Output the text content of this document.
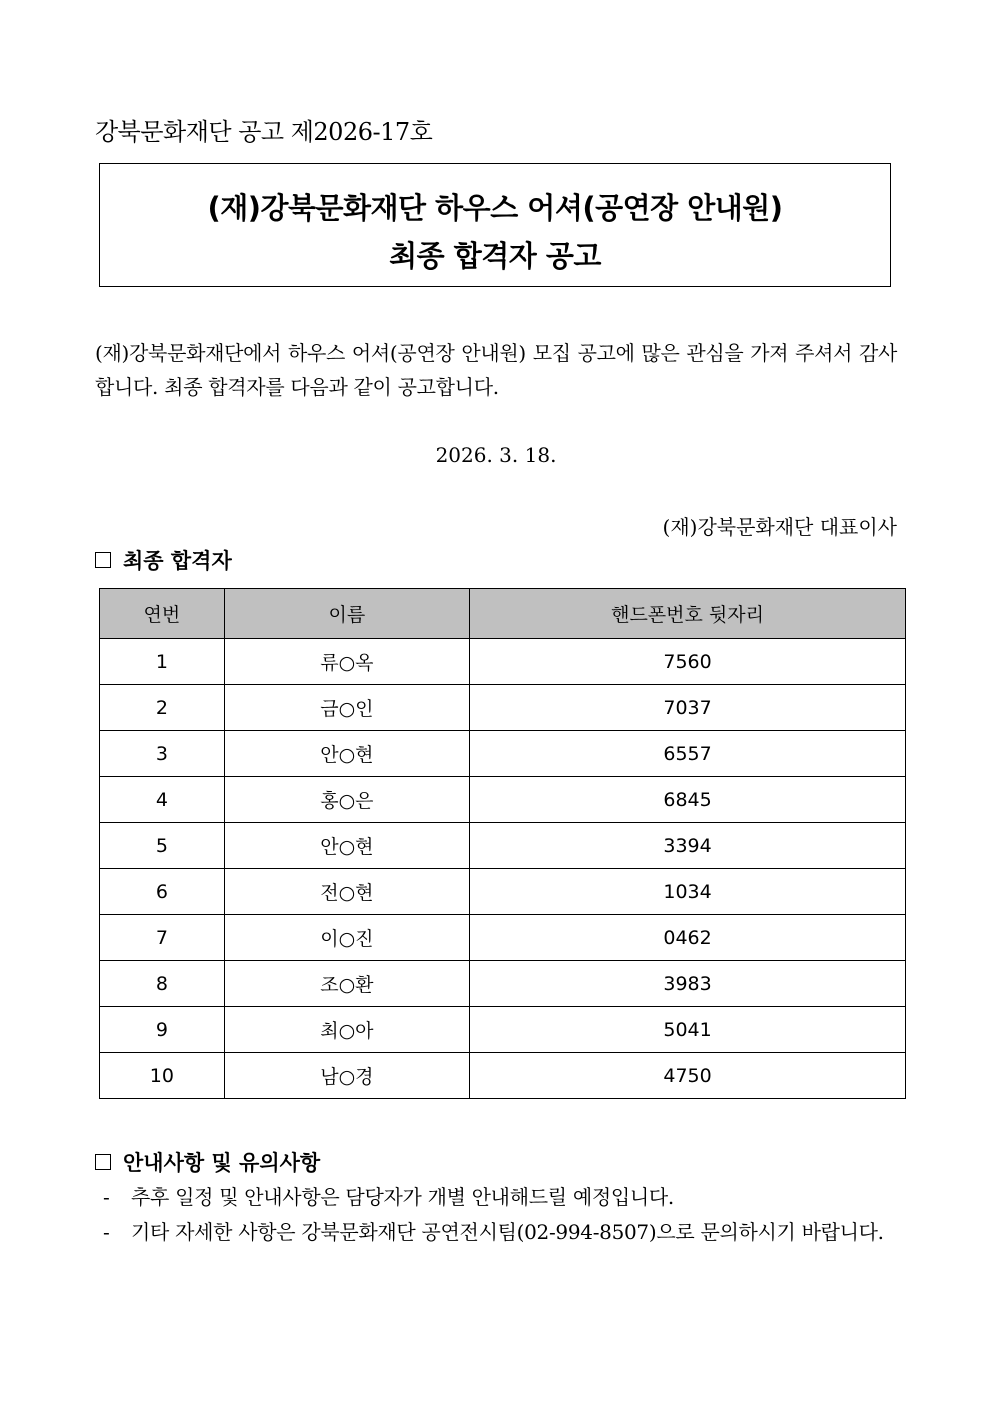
강북문화재단 공고 제2026-17호
(재)강북문화재단 하우스 어셔(공연장 안내원)
최종 합격자 공고
(재)강북문화재단에서 하우스 어셔(공연장 안내원) 모집 공고에 많은 관심을 가져 주셔서 감사합니다. 최종 합격자를 다음과 같이 공고합니다.
2026. 3. 18.
(재)강북문화재단 대표이사
최종 합격자
연번	이름	핸드폰번호 뒷자리
1	류○옥	7560
2	금○인	7037
3	안○현	6557
4	홍○은	6845
5	안○현	3394
6	전○현	1034
7	이○진	0462
8	조○환	3983
9	최○아	5041
10	남○경	4750
안내사항 및 유의사항
-	추후 일정 및 안내사항은 담당자가 개별 안내해드릴 예정입니다.
-	기타 자세한 사항은 강북문화재단 공연전시팀(02-994-8507)으로 문의하시기 바랍니다.
